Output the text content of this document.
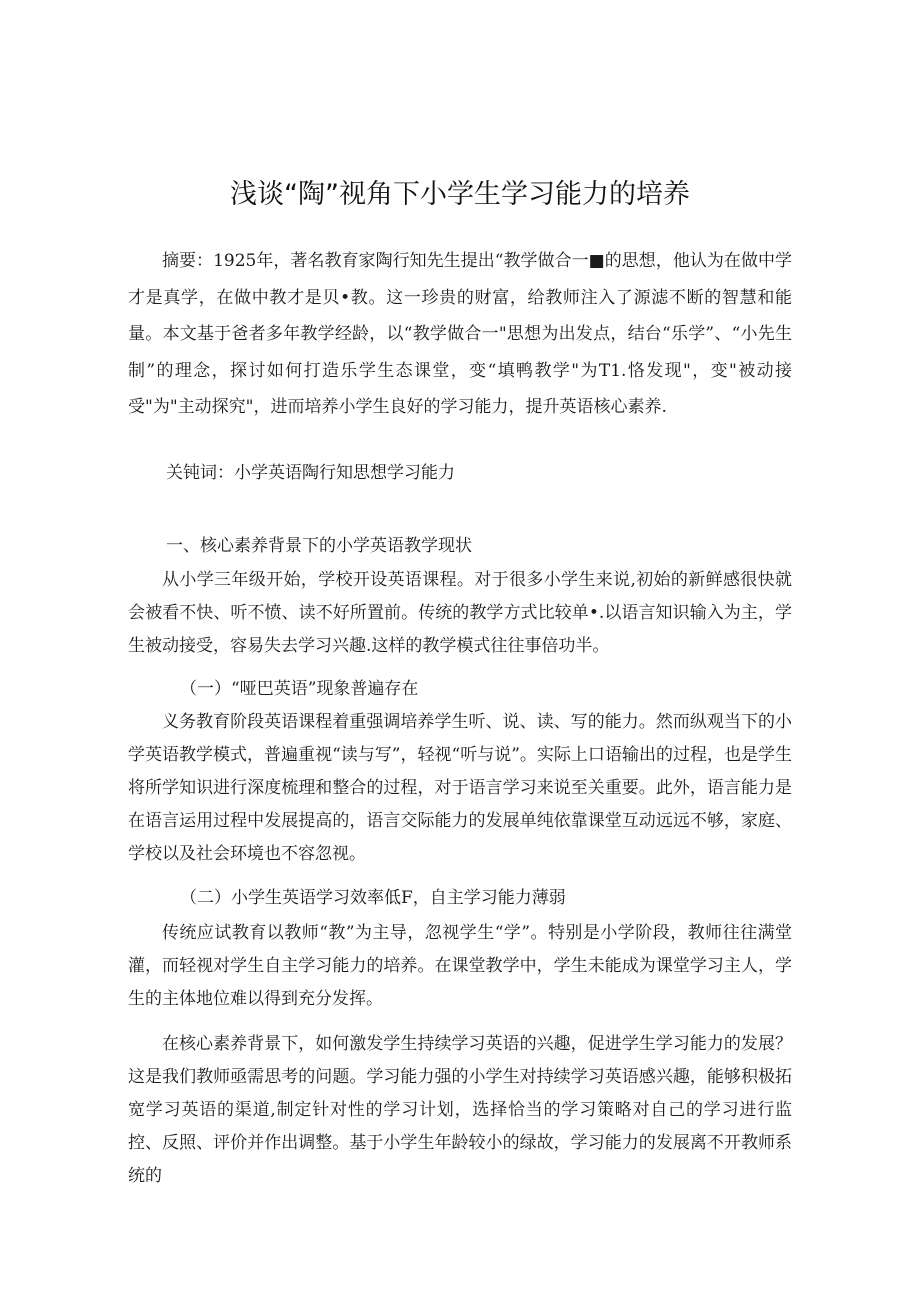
浅谈“陶”视角下小学生学习能力的培养

摘要：1925年，著名教育家陶行知先生提出“教学做合一■的思想，他认为在做中学才是真学，在做中教才是贝•教。这一珍贵的财富，给教师注入了源滤不断的智慧和能量。本文基于爸者多年教学经龄，以“教学做合一"思想为出发点，结台“乐学”、“小先生制”的理念，探讨如何打造乐学生态课堂，变“填鸭教学"为T1.恪发现"，变"被动接受"为"主动探究"，进而培养小学生良好的学习能力，提升英语核心素养.

关钝词：小学英语陶行知思想学习能力

一、核心素养背景下的小学英语教学现状

从小学三年级开始，学校开设英语课程。对于很多小学生来说,初始的新鲜感很快就会被看不快、听不愤、读不好所置前。传统的教学方式比较单•.以语言知识输入为主，学生被动接受，容易失去学习兴趣.这样的教学模式往往事倍功半。

（一）“哑巴英语”现象普遍存在

义务教育阶段英语课程着重强调培养学生听、说、读、写的能力。然而纵观当下的小学英语教学模式，普遍重视“读与写”，轻视“听与说”。实际上口语输出的过程，也是学生将所学知识进行深度梳理和整合的过程，对于语言学习来说至关重要。此外，语言能力是在语言运用过程中发展提高的，语言交际能力的发展单纯依靠课堂互动远远不够，家庭、学校以及社会环境也不容忽视。

（二）小学生英语学习效率低F，自主学习能力薄弱

传统应试教育以教师“教”为主导，忽视学生“学”。特别是小学阶段，教师往往满堂灌，而轻视对学生自主学习能力的培养。在课堂教学中，学生未能成为课堂学习主人，学生的主体地位难以得到充分发挥。

在核心素养背景下，如何激发学生持续学习英语的兴趣，促进学生学习能力的发展？这是我们教师亟需思考的问题。学习能力强的小学生对持续学习英语感兴趣，能够积极拓宽学习英语的渠道,制定针对性的学习计划，选择恰当的学习策略对自己的学习进行监控、反照、评价并作出调整。基于小学生年龄较小的绿故，学习能力的发展离不开教师系统的
